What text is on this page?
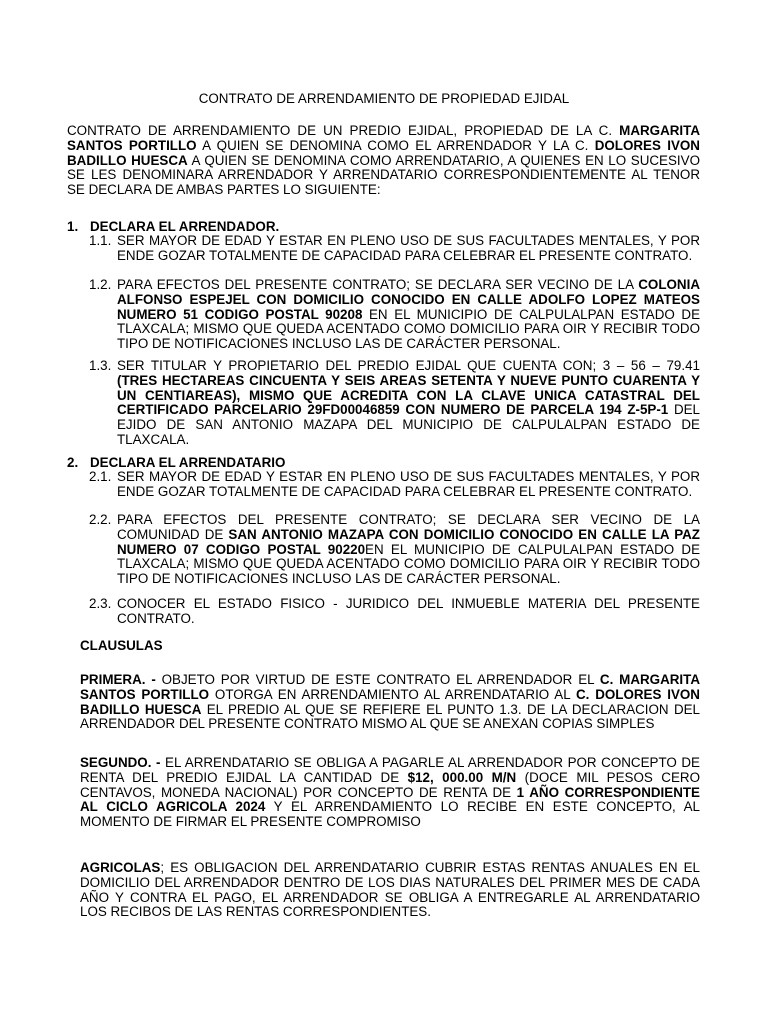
CONTRATO DE ARRENDAMIENTO DE PROPIEDAD EJIDAL
CONTRATO DE ARRENDAMIENTO DE UN PREDIO EJIDAL, PROPIEDAD DE LA C. MARGARITA SANTOS PORTILLO A QUIEN SE DENOMINA COMO EL ARRENDADOR Y LA C. DOLORES IVON BADILLO HUESCA A QUIEN SE DENOMINA COMO ARRENDATARIO, A QUIENES EN LO SUCESIVO SE LES DENOMINARA ARRENDADOR Y ARRENDATARIO CORRESPONDIENTEMENTE AL TENOR SE DECLARA DE AMBAS PARTES LO SIGUIENTE:
1. DECLARA EL ARRENDADOR.
1.1. SER MAYOR DE EDAD Y ESTAR EN PLENO USO DE SUS FACULTADES MENTALES, Y POR ENDE GOZAR TOTALMENTE DE CAPACIDAD PARA CELEBRAR EL PRESENTE CONTRATO.
1.2. PARA EFECTOS DEL PRESENTE CONTRATO; SE DECLARA SER VECINO DE LA COLONIA ALFONSO ESPEJEL CON DOMICILIO CONOCIDO EN CALLE ADOLFO LOPEZ MATEOS NUMERO 51 CODIGO POSTAL 90208 EN EL MUNICIPIO DE CALPULALPAN ESTADO DE TLAXCALA; MISMO QUE QUEDA ACENTADO COMO DOMICILIO PARA OIR Y RECIBIR TODO TIPO DE NOTIFICACIONES INCLUSO LAS DE CARÁCTER PERSONAL.
1.3. SER TITULAR Y PROPIETARIO DEL PREDIO EJIDAL QUE CUENTA CON; 3 – 56 – 79.41 (TRES HECTAREAS CINCUENTA Y SEIS AREAS SETENTA Y NUEVE PUNTO CUARENTA Y UN CENTIAREAS), MISMO QUE ACREDITA CON LA CLAVE UNICA CATASTRAL DEL CERTIFICADO PARCELARIO 29FD00046859 CON NUMERO DE PARCELA 194 Z-5P-1 DEL EJIDO DE SAN ANTONIO MAZAPA DEL MUNICIPIO DE CALPULALPAN ESTADO DE TLAXCALA.
2. DECLARA EL ARRENDATARIO
2.1. SER MAYOR DE EDAD Y ESTAR EN PLENO USO DE SUS FACULTADES MENTALES, Y POR ENDE GOZAR TOTALMENTE DE CAPACIDAD PARA CELEBRAR EL PRESENTE CONTRATO.
2.2. PARA EFECTOS DEL PRESENTE CONTRATO; SE DECLARA SER VECINO DE LA COMUNIDAD DE SAN ANTONIO MAZAPA CON DOMICILIO CONOCIDO EN CALLE LA PAZ NUMERO 07 CODIGO POSTAL 90220EN EL MUNICIPIO DE CALPULALPAN ESTADO DE TLAXCALA; MISMO QUE QUEDA ACENTADO COMO DOMICILIO PARA OIR Y RECIBIR TODO TIPO DE NOTIFICACIONES INCLUSO LAS DE CARÁCTER PERSONAL.
2.3. CONOCER EL ESTADO FISICO - JURIDICO DEL INMUEBLE MATERIA DEL PRESENTE CONTRATO.
CLAUSULAS
PRIMERA. - OBJETO POR VIRTUD DE ESTE CONTRATO EL ARRENDADOR EL C. MARGARITA SANTOS PORTILLO OTORGA EN ARRENDAMIENTO AL ARRENDATARIO AL C. DOLORES IVON BADILLO HUESCA EL PREDIO AL QUE SE REFIERE EL PUNTO 1.3. DE LA DECLARACION DEL ARRENDADOR DEL PRESENTE CONTRATO MISMO AL QUE SE ANEXAN COPIAS SIMPLES
SEGUNDO. - EL ARRENDATARIO SE OBLIGA A PAGARLE AL ARRENDADOR POR CONCEPTO DE RENTA DEL PREDIO EJIDAL LA CANTIDAD DE $12, 000.00 M/N (DOCE MIL PESOS CERO CENTAVOS, MONEDA NACIONAL) POR CONCEPTO DE RENTA DE 1 AÑO CORRESPONDIENTE AL CICLO AGRICOLA 2024 Y EL ARRENDAMIENTO LO RECIBE EN ESTE CONCEPTO, AL MOMENTO DE FIRMAR EL PRESENTE COMPROMISO
AGRICOLAS; ES OBLIGACION DEL ARRENDATARIO CUBRIR ESTAS RENTAS ANUALES EN EL DOMICILIO DEL ARRENDADOR DENTRO DE LOS DIAS NATURALES DEL PRIMER MES DE CADA AÑO Y CONTRA EL PAGO, EL ARRENDADOR SE OBLIGA A ENTREGARLE AL ARRENDATARIO LOS RECIBOS DE LAS RENTAS CORRESPONDIENTES.
